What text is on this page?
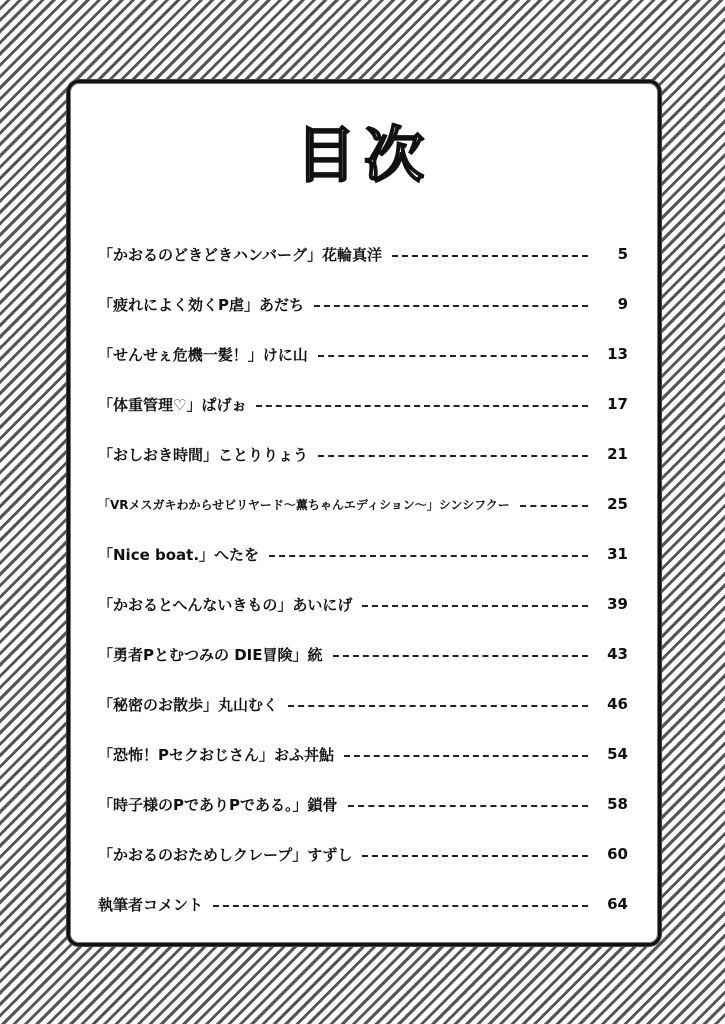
目次
「かおるのどきどきハンバーグ」花輪真洋	5
「疲れによく効くP虐」あだち	9
「せんせぇ危機一髪！」けに山	13
「体重管理♡」ぱげぉ	17
「おしおき時間」ことりりょう	21
「VRメスガキわからせビリヤード〜薫ちゃんエディション〜」シンシフクー	25
「Nice boat.」へたを	31
「かおるとへんないきもの」あいにげ	39
「勇者Pとむつみの DIE冒険」統	43
「秘密のお散歩」丸山むく	46
「恐怖！Pセクおじさん」おふ丼鮎	54
「時子様のPでありPである。」鎖骨	58
「かおるのおためしクレープ」すずし	60
執筆者コメント	64
